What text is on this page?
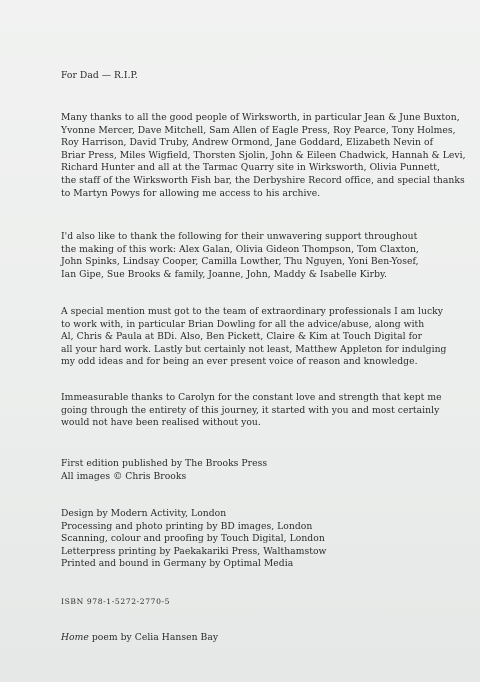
For Dad — R.I.P.
Many thanks to all the good people of Wirksworth, in particular Jean & June Buxton,
Yvonne Mercer, Dave Mitchell, Sam Allen of Eagle Press, Roy Pearce, Tony Holmes,
Roy Harrison, David Truby, Andrew Ormond, Jane Goddard, Elizabeth Nevin of
Briar Press, Miles Wigfield, Thorsten Sjolin, John & Eileen Chadwick, Hannah & Levi,
Richard Hunter and all at the Tarmac Quarry site in Wirksworth, Olivia Punnett,
the staff of the Wirksworth Fish bar, the Derbyshire Record office, and special thanks
to Martyn Powys for allowing me access to his archive.
I'd also like to thank the following for their unwavering support throughout
the making of this work: Alex Galan, Olivia Gideon Thompson, Tom Claxton,
John Spinks, Lindsay Cooper, Camilla Lowther, Thu Nguyen, Yoni Ben-Yosef,
Ian Gipe, Sue Brooks & family, Joanne, John, Maddy & Isabelle Kirby.
A special mention must got to the team of extraordinary professionals I am lucky
to work with, in particular Brian Dowling for all the advice/abuse, along with
Al, Chris & Paula at BDi. Also, Ben Pickett, Claire & Kim at Touch Digital for
all your hard work. Lastly but certainly not least, Matthew Appleton for indulging
my odd ideas and for being an ever present voice of reason and knowledge.
Immeasurable thanks to Carolyn for the constant love and strength that kept me
going through the entirety of this journey, it started with you and most certainly
would not have been realised without you.
First edition published by The Brooks Press
All images © Chris Brooks
Design by Modern Activity, London
Processing and photo printing by BD images, London
Scanning, colour and proofing by Touch Digital, London
Letterpress printing by Paekakariki Press, Walthamstow
Printed and bound in Germany by Optimal Media
ISBN 978-1-5272-2770-5
Home poem by Celia Hansen Bay
